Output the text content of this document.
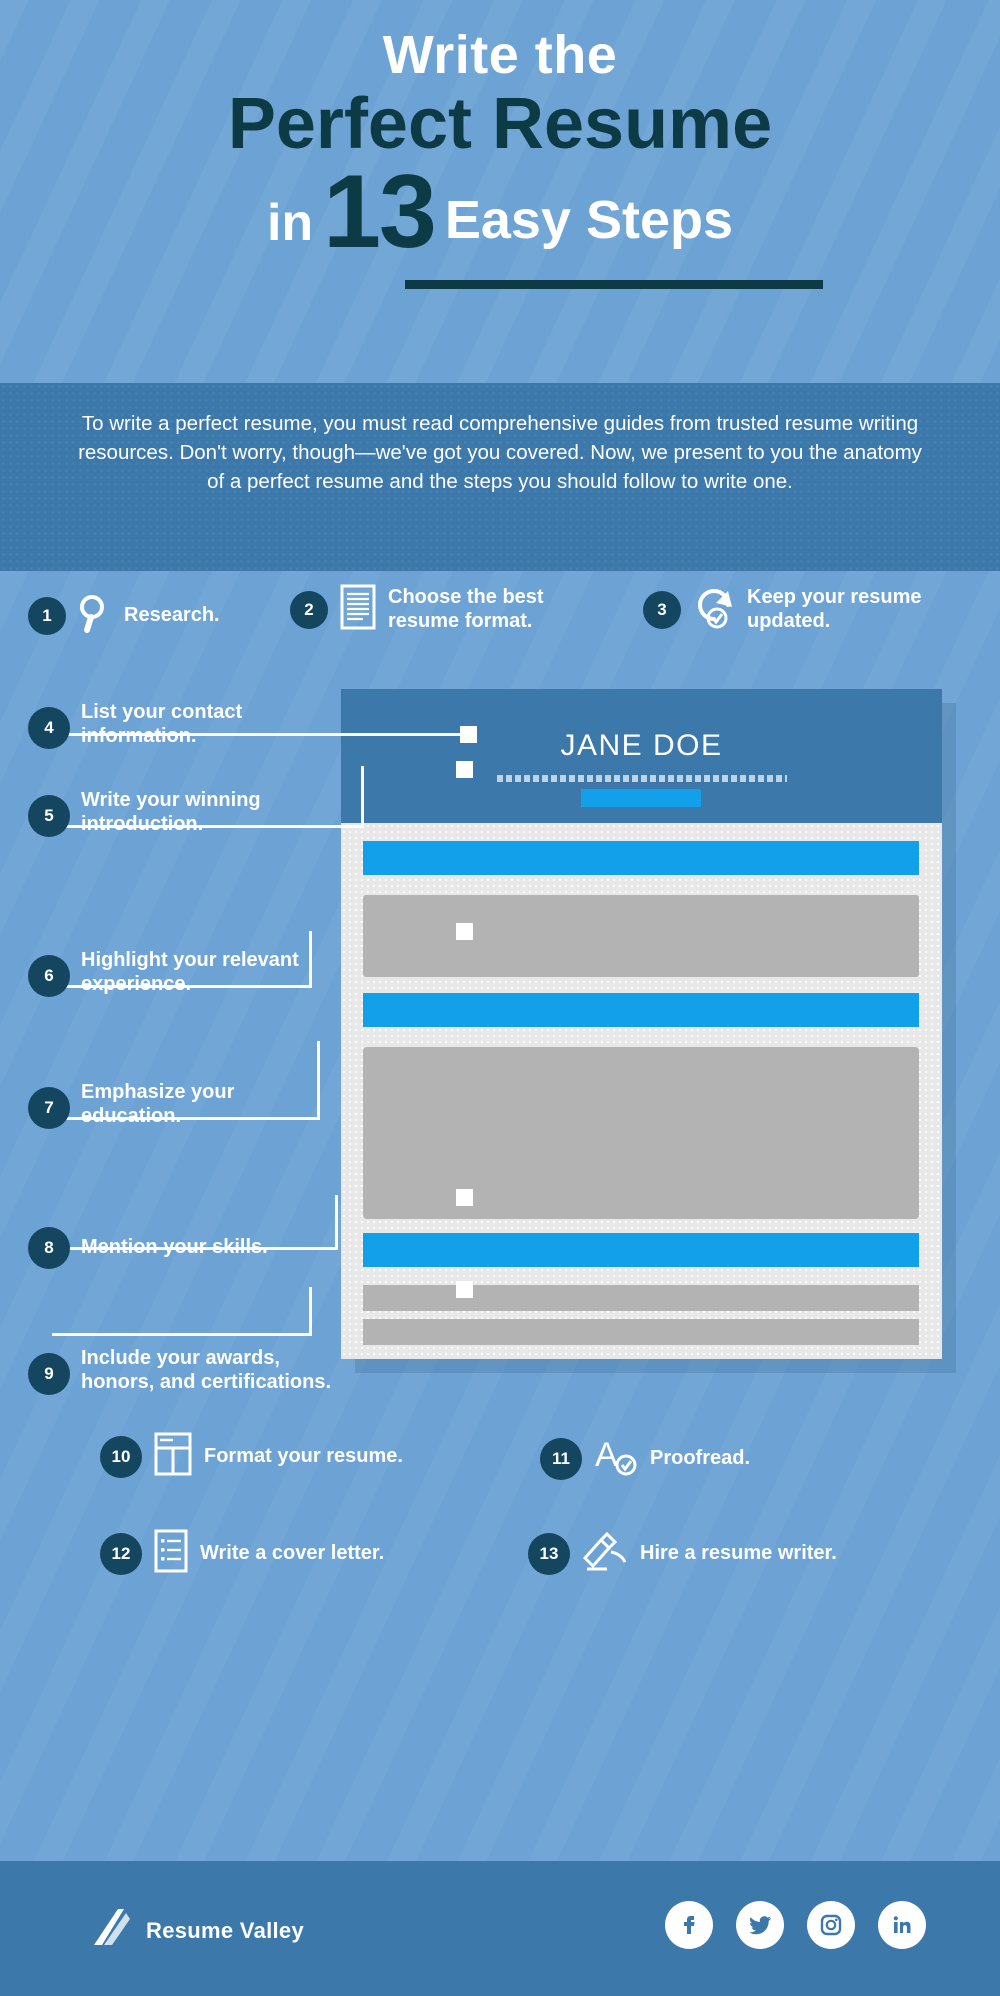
Write the
Perfect Resume
in 13 Easy Steps

To write a perfect resume, you must read comprehensive guides from trusted resume writing resources. Don't worry, though—we've got you covered. Now, we present to you the anatomy of a perfect resume and the steps you should follow to write one.

1	Research.	2
Choose the best resume format.
3
Keep your resume updated.
JANE DOE
4
List your contact information.
5
Write your winning introduction.
6
Highlight your relevant experience.
7
Emphasize your education.
8	Mention your skills.
9
Include your awards, honors, and certifications.
10	Format your resume.	11 A Proofread.
12	Write a cover letter.	13	Hire a resume writer.
Resume Valley
